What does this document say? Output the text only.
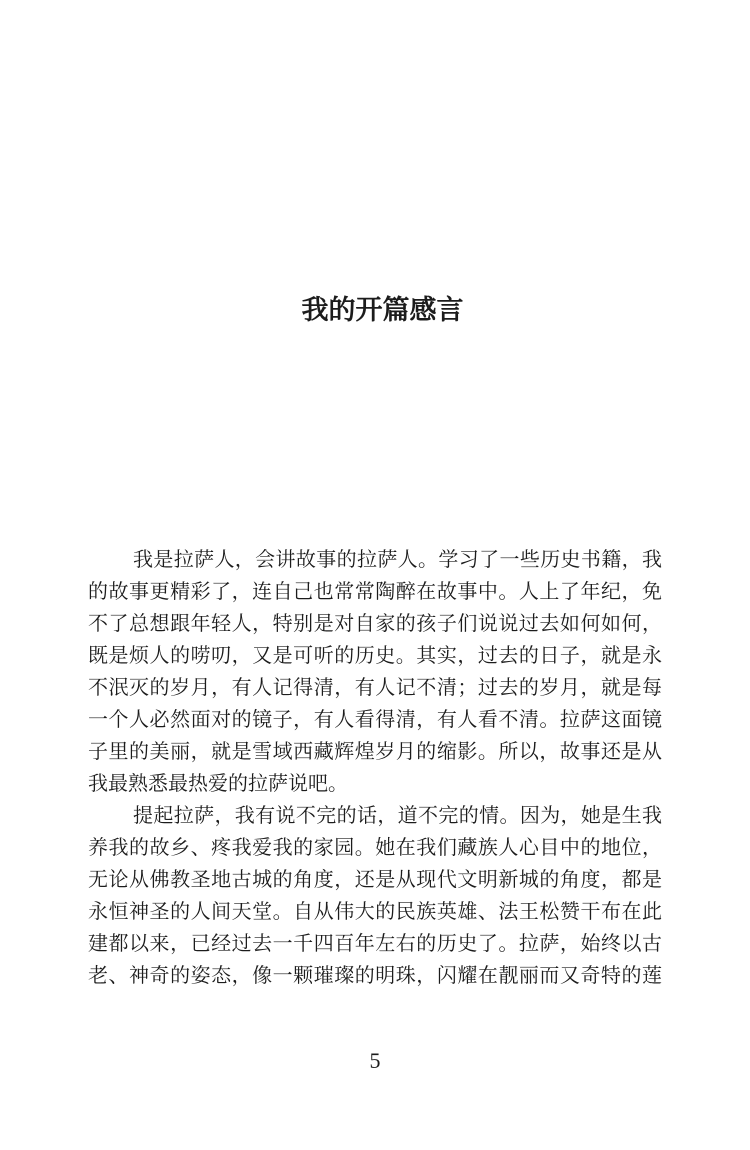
我的开篇感言
我是拉萨人，会讲故事的拉萨人。学习了一些历史书籍，我
的故事更精彩了，连自己也常常陶醉在故事中。人上了年纪，免
不了总想跟年轻人，特别是对自家的孩子们说说过去如何如何，
既是烦人的唠叨，又是可听的历史。其实，过去的日子，就是永
不泯灭的岁月，有人记得清，有人记不清；过去的岁月，就是每
一个人必然面对的镜子，有人看得清，有人看不清。拉萨这面镜
子里的美丽，就是雪域西藏辉煌岁月的缩影。所以，故事还是从
我最熟悉最热爱的拉萨说吧。
提起拉萨，我有说不完的话，道不完的情。因为，她是生我
养我的故乡、疼我爱我的家园。她在我们藏族人心目中的地位，
无论从佛教圣地古城的角度，还是从现代文明新城的角度，都是
永恒神圣的人间天堂。自从伟大的民族英雄、法王松赞干布在此
建都以来，已经过去一千四百年左右的历史了。拉萨，始终以古
老、神奇的姿态，像一颗璀璨的明珠，闪耀在靓丽而又奇特的莲
5
